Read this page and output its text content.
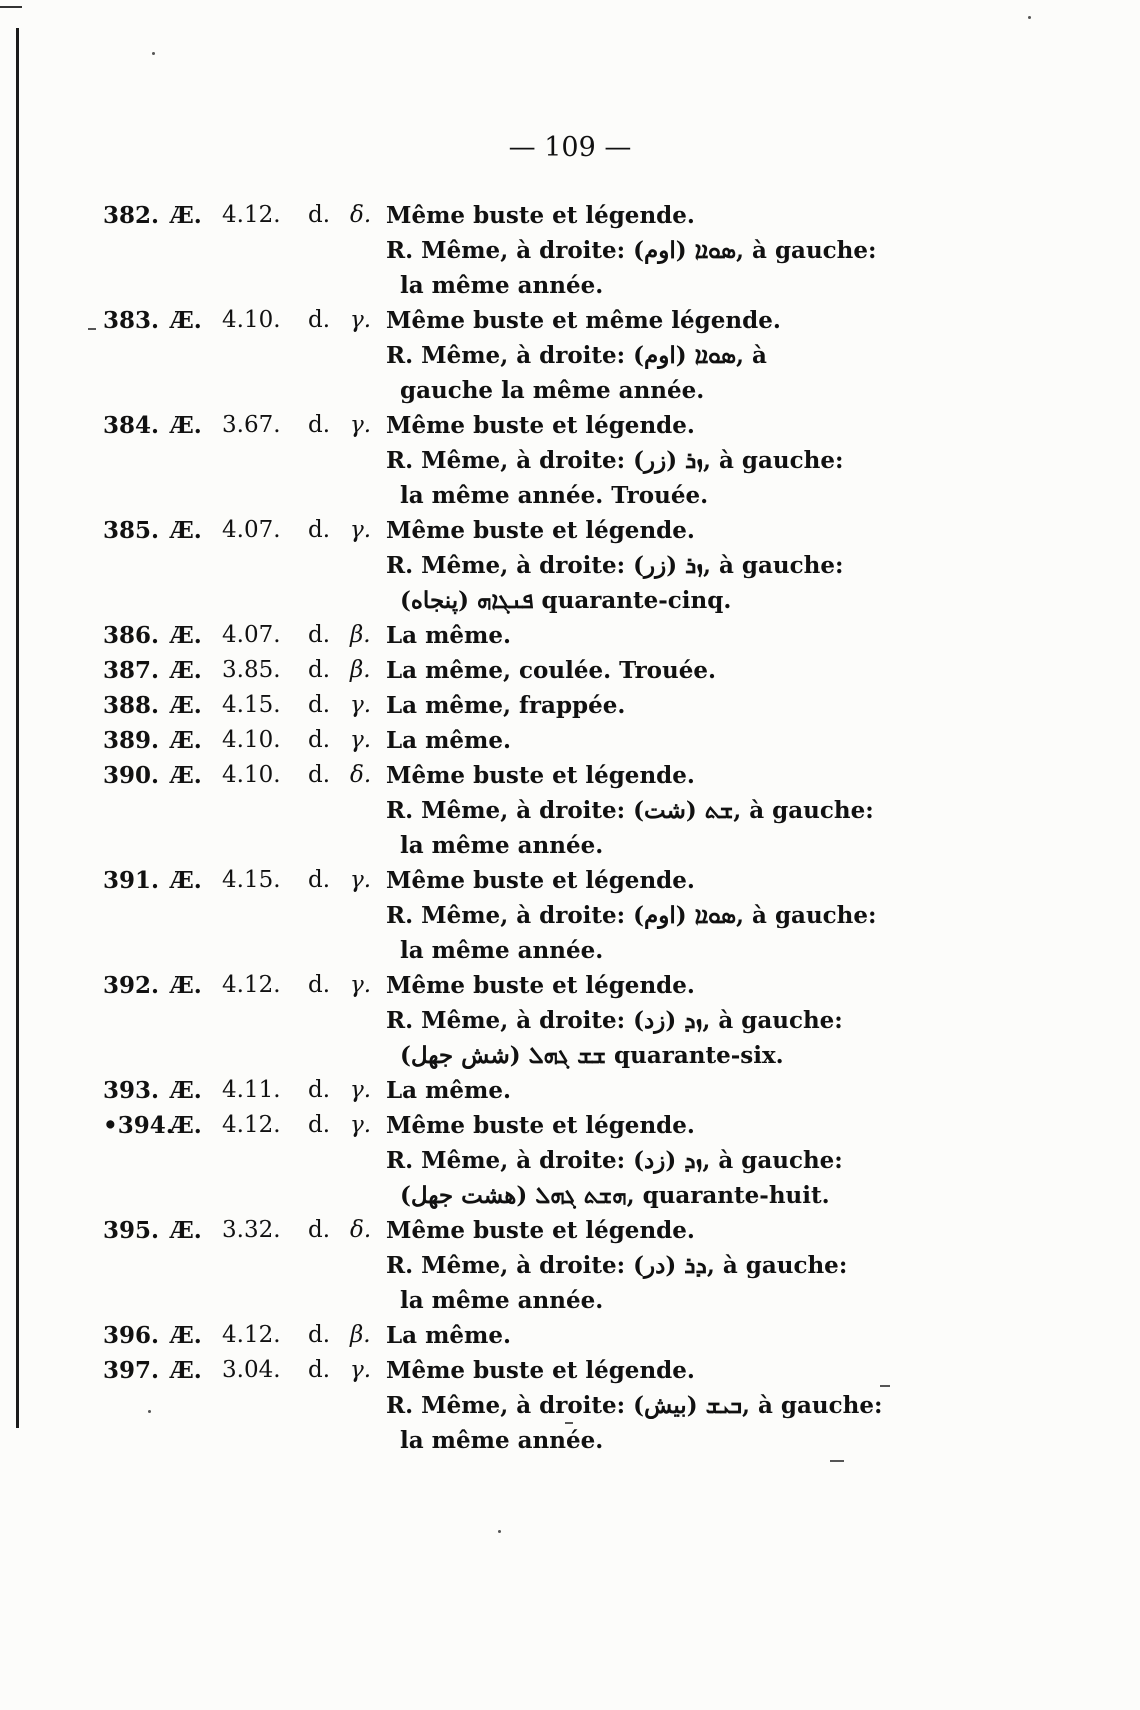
— 109 —
382. Æ. 4.12. d. δ. Même buste et légende.
R. Même, à droite: ܣܘܐܐ (اوم), à gauche:
la même année.
383. Æ. 4.10. d. γ. Même buste et même légende.
R. Même, à droite: ܣܘܐܐ (اوم), à
gauche la même année.
384. Æ. 3.67. d. γ. Même buste et légende.
R. Même, à droite: ܙܪ (زر), à gauche:
la même année. Trouée.
385. Æ. 4.07. d. γ. Même buste et légende.
R. Même, à droite: ܙܪ (زر), à gauche:
ܦܢܓܐܗ (پنجاه) quarante-cinq.
386. Æ. 4.07. d. β. La même.
387. Æ. 3.85. d. β. La même, coulée. Trouée.
388. Æ. 4.15. d. γ. La même, frappée.
389. Æ. 4.10. d. γ. La même.
390. Æ. 4.10. d. δ. Même buste et légende.
R. Même, à droite: ܫܬ (شت), à gauche:
la même année.
391. Æ. 4.15. d. γ. Même buste et légende.
R. Même, à droite: ܣܘܐܐ (اوم), à gauche:
la même année.
392. Æ. 4.12. d. γ. Même buste et légende.
R. Même, à droite: ܙܕ (زد), à gauche:
ܫܫ ܓܗܠ (شش جهل) quarante-six.
393. Æ. 4.11. d. γ. La même.
•394.
Æ. 4.12. d. γ. Même buste et légende.
R. Même, à droite: ܙܕ (زد), à gauche:
ܗܫܬ ܓܗܠ (هشت جهل), quarante-huit.
395. Æ. 3.32. d. δ. Même buste et légende.
R. Même, à droite: ܕܪ (در), à gauche:
la même année.
396. Æ. 4.12. d. β. La même.
397. Æ. 3.04. d. γ. Même buste et légende.
R. Même, à droite: ܒܝܫ (بيش), à gauche:
la même année.
